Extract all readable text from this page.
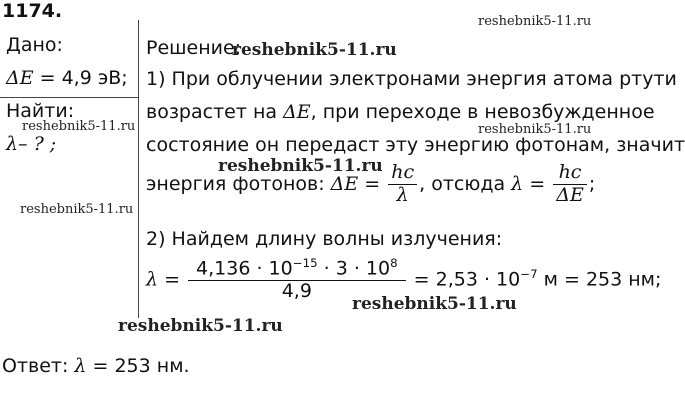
1174.
Дано:
ΔE = 4,9 эВ;
Найти:
λ– ? ;
Решение:
1) При облучении электронами энергия атома ртути
возрастет на ΔE, при переходе в невозбужденное
состояние он передаст эту энергию фотонам, значит
энергия фотонов: $\Delta E = \frac{hc}{\lambda}$ , отсюда $\lambda = \frac{hc}{\Delta E}$ ;
2) Найдем длину волны излучения:
$\lambda = \frac{4,136 \cdot 10^{-15} \cdot 3 \cdot 10^8}{4,9} = 2,53 \cdot 10^{-7}$ м = 253 нм;
Ответ: λ = 253 нм.
reshebnik5-11.ru
reshebnik5-11.ru
reshebnik5-11.ru	reshebnik5-11.ru
reshebnik5-11.ru
reshebnik5-11.ru
reshebnik5-11.ru
reshebnik5-11.ru
